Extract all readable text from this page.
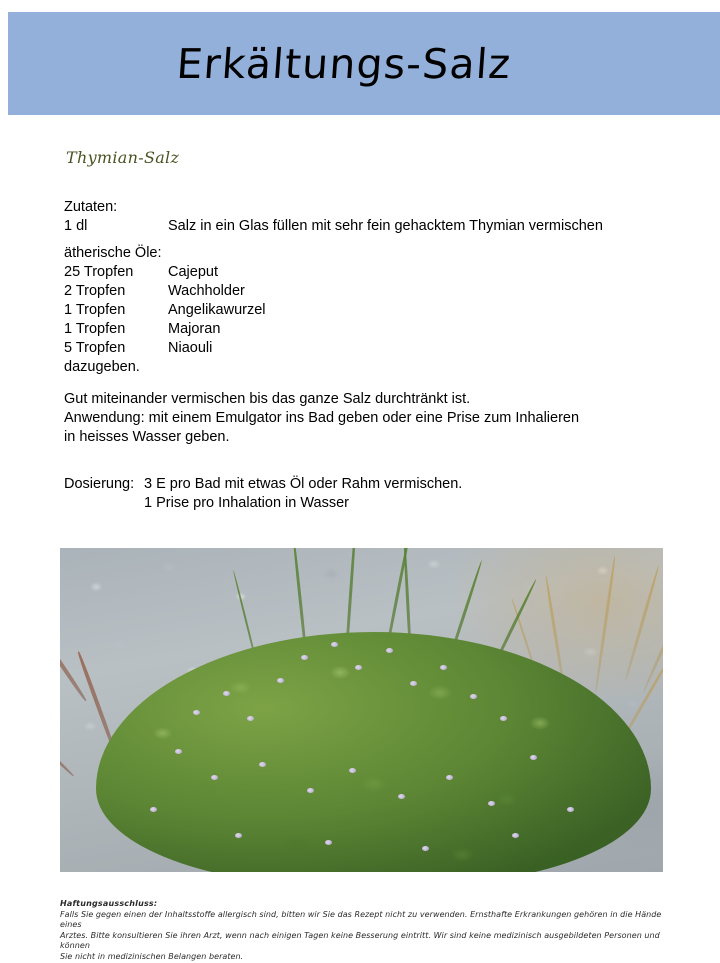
Erkältungs-Salz
Thymian-Salz
Zutaten:
1 dl	Salz in ein Glas füllen mit sehr fein gehacktem Thymian vermischen
ätherische Öle:
25 Tropfen	Cajeput
2 Tropfen	Wachholder
1 Tropfen	Angelikawurzel
1 Tropfen	Majoran
5 Tropfen	Niaouli
dazugeben.
Gut miteinander vermischen bis das ganze Salz durchtränkt ist.
Anwendung: mit einem Emulgator ins Bad geben oder eine Prise zum Inhalieren
in heisses Wasser geben.
Dosierung: 3 E pro Bad mit etwas Öl oder Rahm vermischen.
1 Prise pro Inhalation in Wasser
Haftungsausschluss:
Falls Sie gegen einen der Inhaltsstoffe allergisch sind, bitten wir Sie das Rezept nicht zu verwenden. Ernsthafte Erkrankungen gehören in die Hände eines
Arztes. Bitte konsultieren Sie ihren Arzt, wenn nach einigen Tagen keine Besserung eintritt. Wir sind keine medizinisch ausgebildeten Personen und können
Sie nicht in medizinischen Belangen beraten.
